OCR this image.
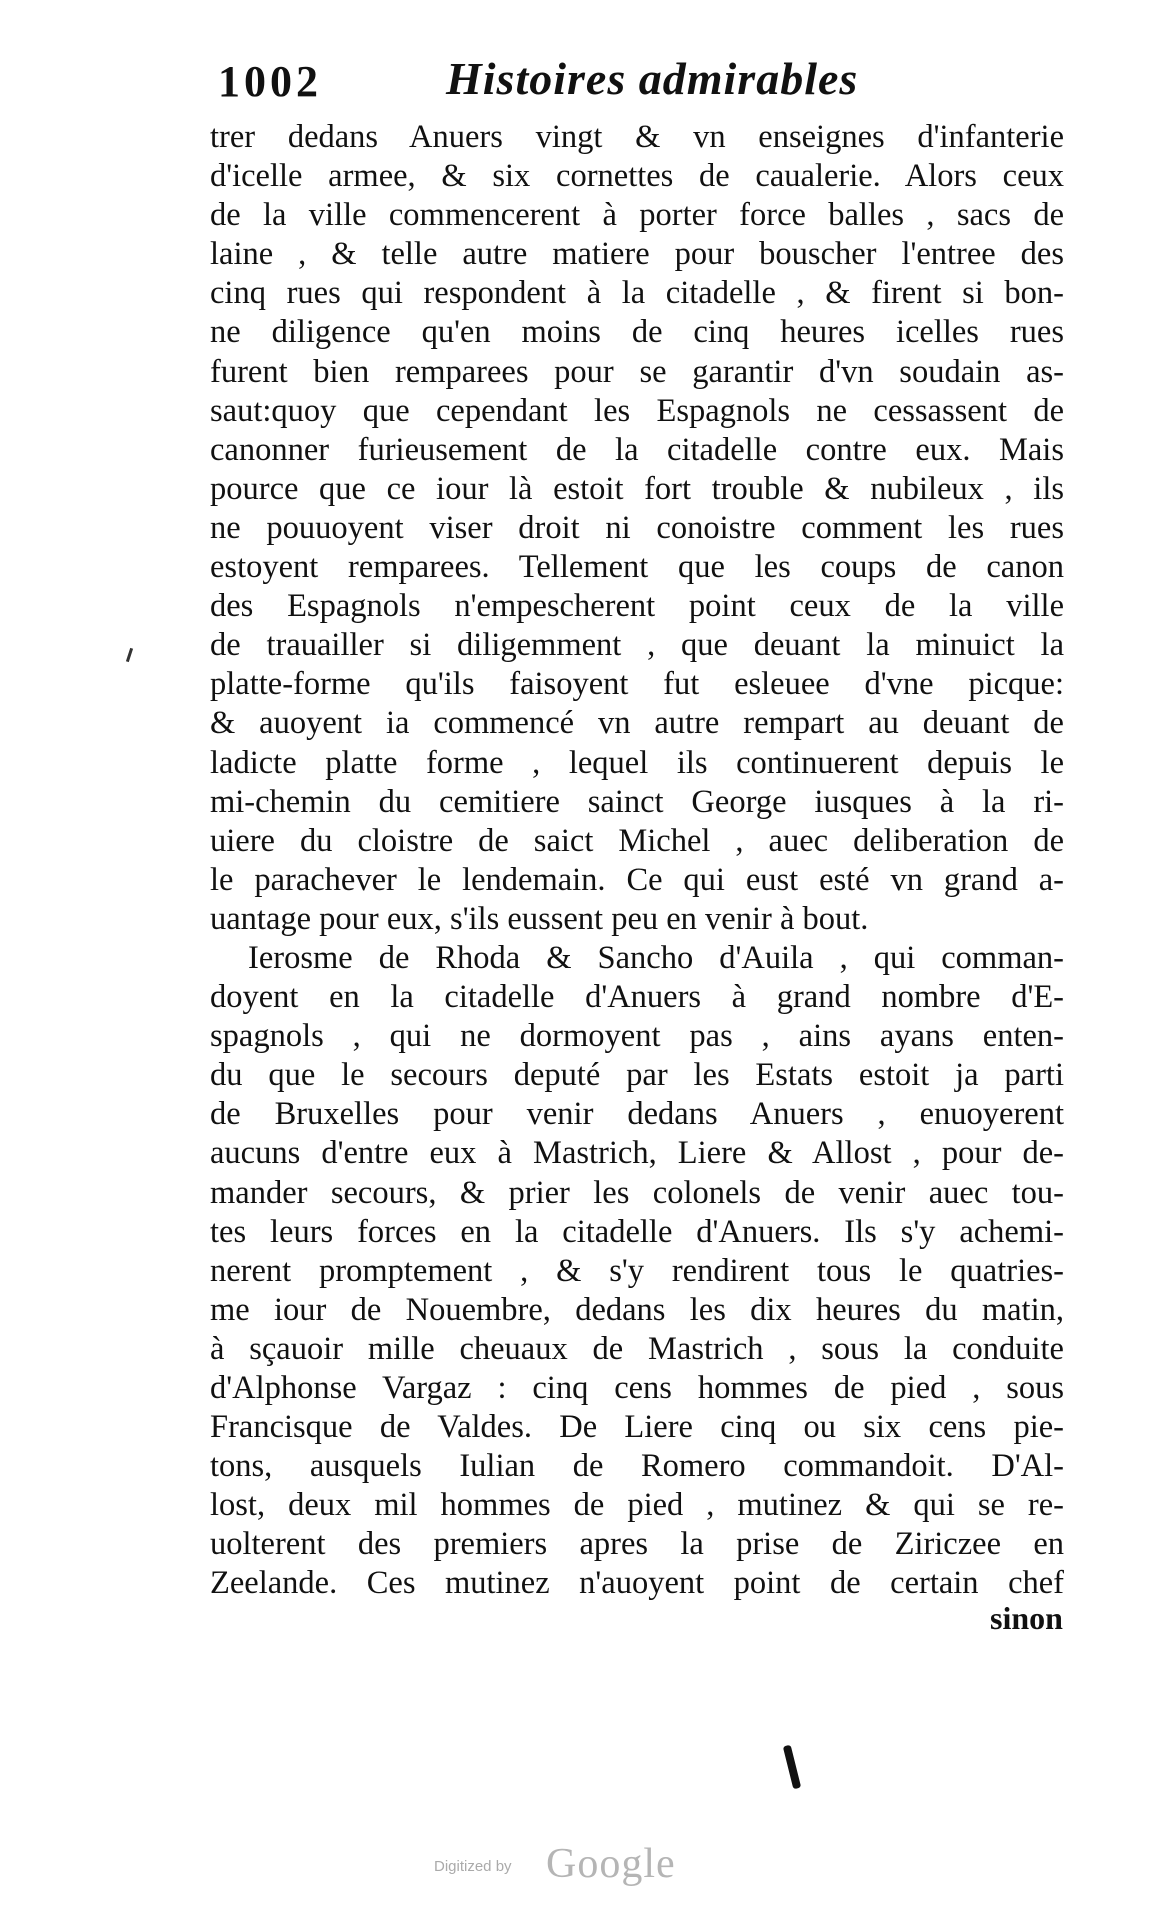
1002	Histoires admirables
trer dedans Anuers vingt & vn enseignes d'infanterie
d'icelle armee, & six cornettes de caualerie. Alors ceux
de la ville commencerent à porter force balles , sacs de
laine , & telle autre matiere pour bouscher l'entree des
cinq rues qui respondent à la citadelle , & firent si bon-
ne diligence qu'en moins de cinq heures icelles rues
furent bien remparees pour se garantir d'vn soudain as-
saut:quoy que cependant les Espagnols ne cessassent de
canonner furieusement de la citadelle contre eux. Mais
pource que ce iour là estoit fort trouble & nubileux , ils
ne pouuoyent viser droit ni conoistre comment les rues
estoyent remparees. Tellement que les coups de canon
des Espagnols n'empescherent point ceux de la ville
de trauailler si diligemment , que deuant la minuict la
platte-forme qu'ils faisoyent fut esleuee d'vne picque:
& auoyent ia commencé vn autre rempart au deuant de
ladicte platte forme , lequel ils continuerent depuis le
mi-chemin du cemitiere sainct George iusques à la ri-
uiere du cloistre de saict Michel , auec deliberation de
le parachever le lendemain. Ce qui eust esté vn grand a-
uantage pour eux, s'ils eussent peu en venir à bout.
Ierosme de Rhoda & Sancho d'Auila , qui comman-
doyent en la citadelle d'Anuers à grand nombre d'E-
spagnols , qui ne dormoyent pas , ains ayans enten-
du que le secours deputé par les Estats estoit ja parti
de Bruxelles pour venir dedans Anuers , enuoyerent
aucuns d'entre eux à Mastrich, Liere & Allost , pour de-
mander secours, & prier les colonels de venir auec tou-
tes leurs forces en la citadelle d'Anuers. Ils s'y achemi-
nerent promptement , & s'y rendirent tous le quatries-
me iour de Nouembre, dedans les dix heures du matin,
à sçauoir mille cheuaux de Mastrich , sous la conduite
d'Alphonse Vargaz : cinq cens hommes de pied , sous
Francisque de Valdes. De Liere cinq ou six cens pie-
tons, ausquels Iulian de Romero commandoit. D'Al-
lost, deux mil hommes de pied , mutinez & qui se re-
uolterent des premiers apres la prise de Ziriczee en
Zeelande. Ces mutinez n'auoyent point de certain chef
sinon
Digitized by Google
